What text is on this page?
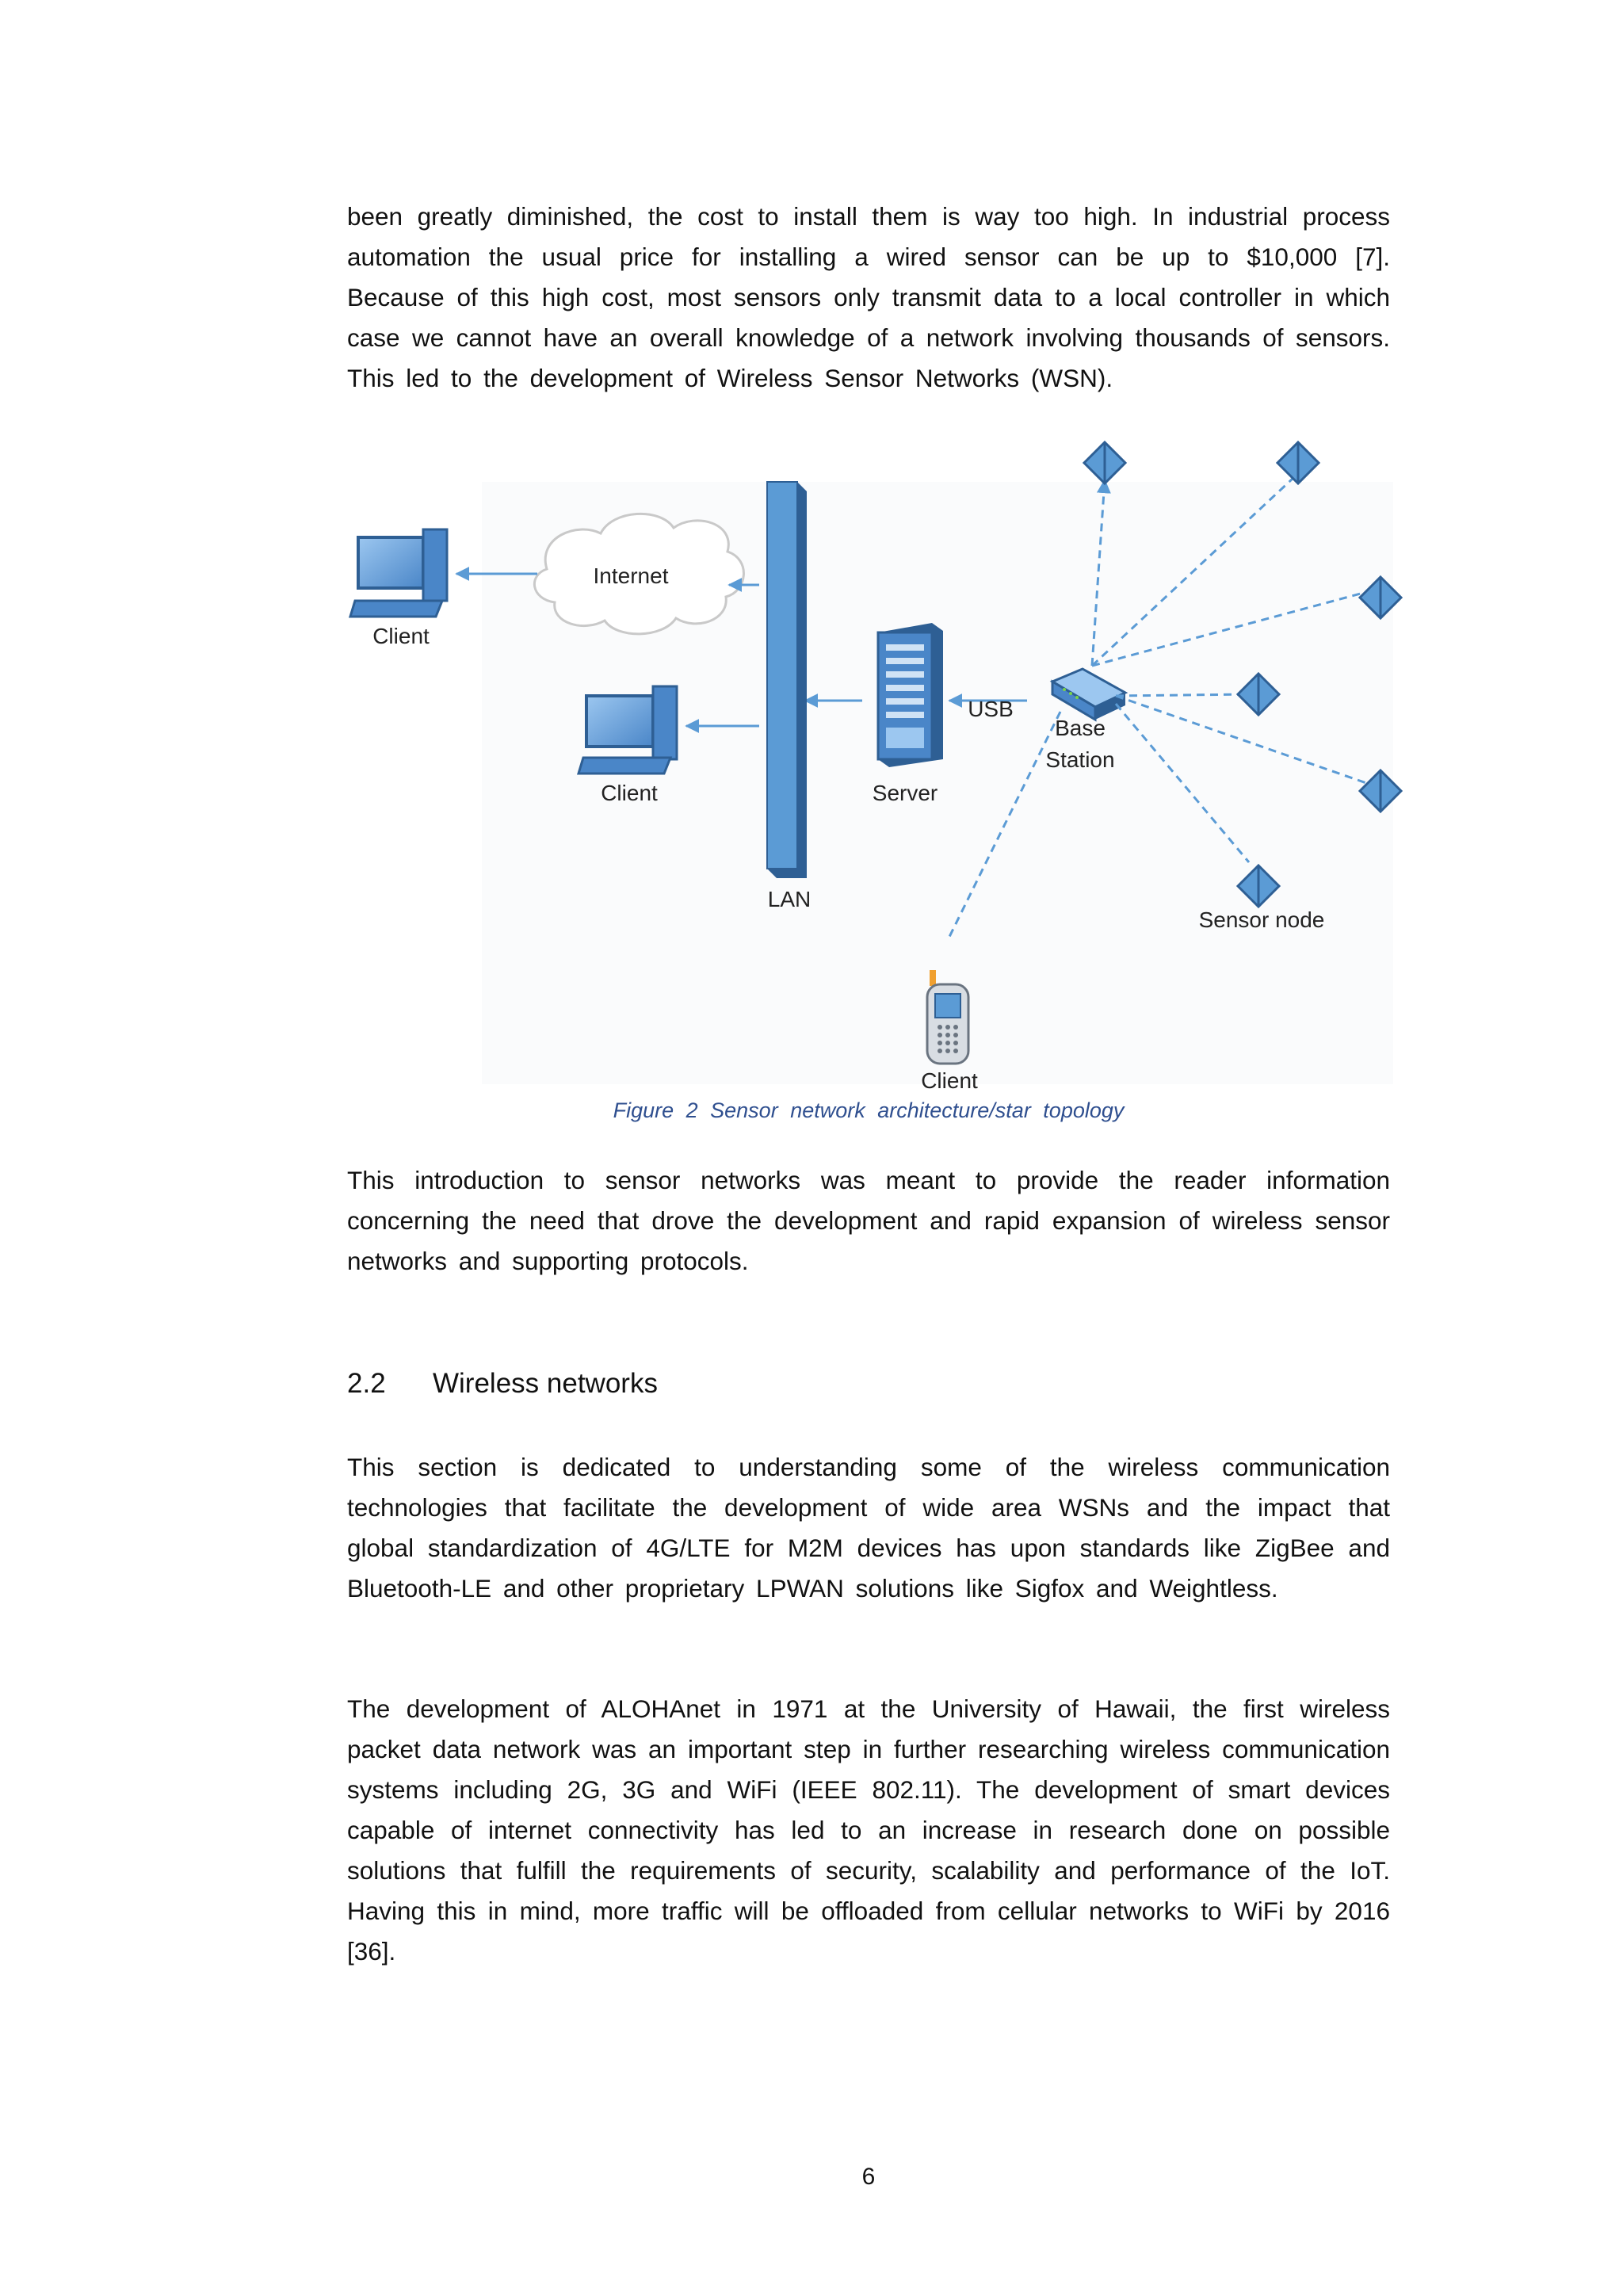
been greatly diminished, the cost to install them is way too high. In industrial process automation the usual price for installing a wired sensor can be up to $10,000 [7]. Because of this high cost, most sensors only transmit data to a local controller in which case we cannot have an overall knowledge of a network involving thousands of sensors. This led to the development of Wireless Sensor Networks (WSN).
Client
Internet
Client
LAN
Server
USB
Base
Station
Sensor node
Client
Figure 2 Sensor network architecture/star topology
This introduction to sensor networks was meant to provide the reader information concerning the need that drove the development and rapid expansion of wireless sensor networks and supporting protocols.
2.2 Wireless networks
This section is dedicated to understanding some of the wireless communication technologies that facilitate the development of wide area WSNs and the impact that global standardization of 4G/LTE for M2M devices has upon standards like ZigBee and Bluetooth-LE and other proprietary LPWAN solutions like Sigfox and Weightless.
The development of ALOHAnet in 1971 at the University of Hawaii, the first wireless packet data network was an important step in further researching wireless communication systems including 2G, 3G and WiFi (IEEE 802.11). The development of smart devices capable of internet connectivity has led to an increase in research done on possible solutions that fulfill the requirements of security, scalability and performance of the IoT. Having this in mind, more traffic will be offloaded from cellular networks to WiFi by 2016 [36].
6
